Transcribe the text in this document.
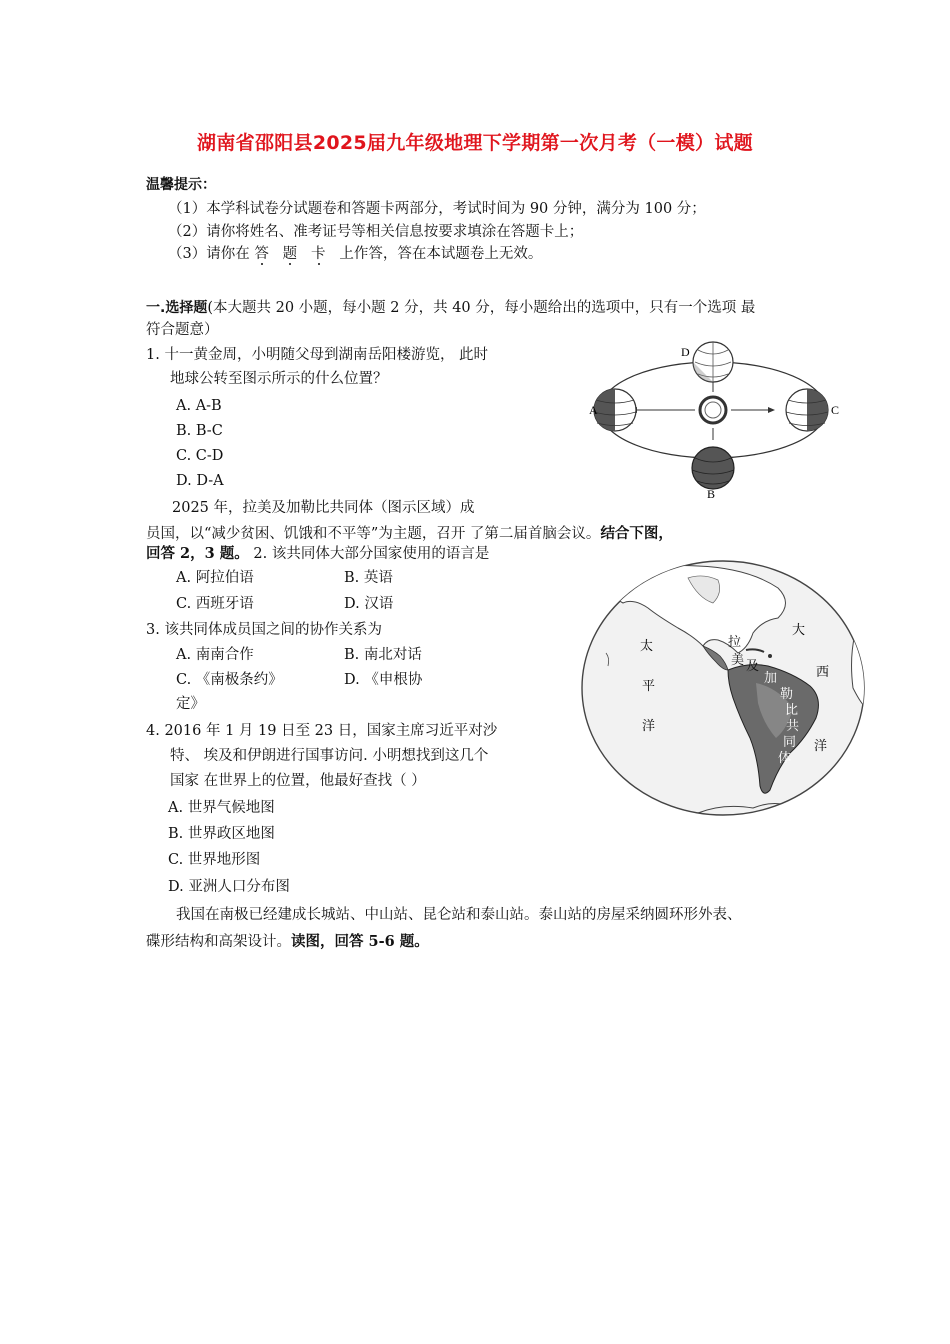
湖南省邵阳县2025届九年级地理下学期第一次月考（一模）试题
温馨提示：
（1）本学科试卷分试题卷和答题卡两部分，考试时间为 90 分钟，满分为 100 分；
（2）请你将姓名、准考证号等相关信息按要求填涂在答题卡上；
（3）请你在 答 题 卡 上作答，答在本试题卷上无效。
一.选择题(本大题共 20 小题，每小题 2 分，共 40 分，每小题给出的选项中，只有一个选项 最
符合题意）
1. 十一黄金周，小明随父母到湖南岳阳楼游览， 此时
地球公转至图示所示的什么位置？
A. A-B
B. B-C
C. C-D
D. D-A
D
A	C
B
2025 年，拉美及加勒比共同体（图示区域）成
员国，以“减少贫困、饥饿和不平等”为主题，召开 了第二届首脑会议。结合下图，
回答 2，3 题。 2. 该共同体大部分国家使用的语言是
A. 阿拉伯语	B. 英语
C. 西班牙语	D. 汉语
3. 该共同体成员国之间的协作关系为
A. 南南合作	B. 南北对话
C. 《南极条约》	D. 《申根协
定》
4. 2016 年 1 月 19 日至 23 日，国家主席习近平对沙
特、 埃及和伊朗进行国事访问. 小明想找到这几个
国家 在世界上的位置，他最好查找（ ）
A. 世界气候地图
B. 世界政区地图
C. 世界地形图
D. 亚洲人口分布图
太
平
洋
大
西
洋
拉
美 及
加
勒
比
共
同
体
我国在南极已经建成长城站、中山站、昆仑站和泰山站。泰山站的房屋采纳圆环形外表、
碟形结构和高架设计。读图，回答 5-6 题。
